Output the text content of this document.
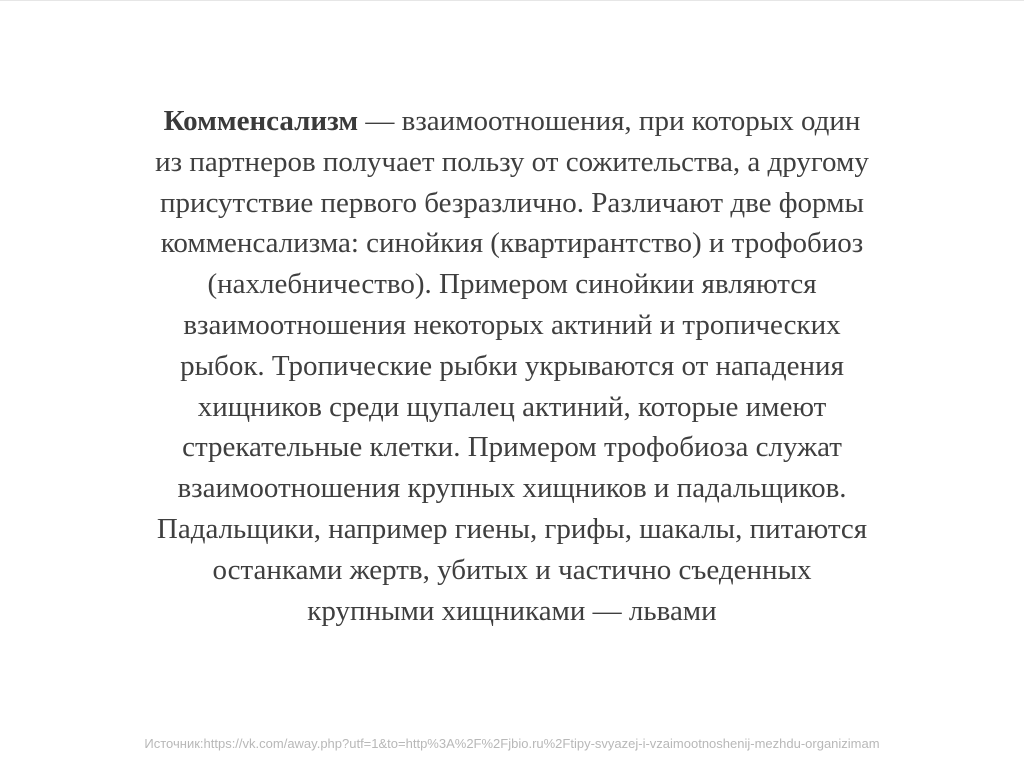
Комменсализм — взаимоотношения, при которых один
из партнеров получает пользу от сожительства, а другому
присутствие первого безразлично. Различают две формы
комменсализма: синойкия (квартирантство) и трофобиоз
(нахлебничество). Примером синойкии являются
взаимоотношения некоторых актиний и тропических
рыбок. Тропические рыбки укрываются от нападения
хищников среди щупалец актиний, которые имеют
стрекательные клетки. Примером трофобиоза служат
взаимоотношения крупных хищников и падальщиков.
Падальщики, например гиены, грифы, шакалы, питаются
останками жертв, убитых и частично съеденных
крупными хищниками — львами
Источник:https://vk.com/away.php?utf=1&to=http%3A%2F%2Fjbio.ru%2Ftipy-svyazej-i-vzaimootnoshenij-mezhdu-organizimam
